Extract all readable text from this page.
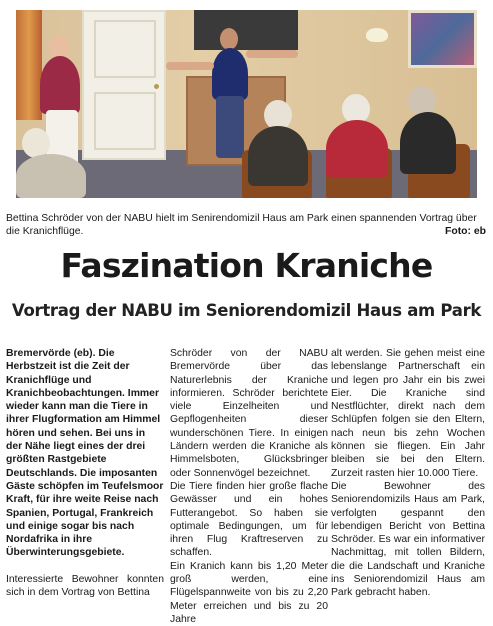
Bettina Schröder von der NABU hielt im Senirendomizil Haus am Park einen spannenden Vortrag über die Kranichflüge.	Foto: eb
Faszination Kraniche
Vortrag der NABU im Seniorendomizil Haus am Park
Bremervörde (eb). Die Herbstzeit ist die Zeit der Kranichflüge und Kranichbeobachtungen. Immer wieder kann man die Tiere in ihrer Flugformation am Himmel hören und sehen. Bei uns in der Nähe liegt eines der drei größten Rastgebiete Deutschlands. Die imposanten Gäste schöpfen im Teufelsmoor Kraft, für ihre weite Reise nach Spanien, Portugal, Frankreich und einige sogar bis nach Nordafrika in ihre Überwinterungsgebiete.
Interessierte Bewohner konnten sich in dem Vortrag von Bettina
Schröder von der NABU Bremervörde über das Naturerlebnis der Kraniche informieren. Schröder berichtete viele Einzelheiten und Gepflogenheiten dieser wunderschönen Tiere. In einigen Ländern werden die Kraniche als Himmelsboten, Glücksbringer oder Sonnenvögel bezeichnet.
Die Tiere finden hier große flache Gewässer und ein hohes Futterangebot. So haben sie optimale Bedingungen, um für ihren Flug Kraftreserven zu schaffen.
Ein Kranich kann bis 1,20 Meter groß werden, eine Flügelspannweite von bis zu 2,20 Meter erreichen und bis zu 20 Jahre
alt werden. Sie gehen meist eine lebenslange Partnerschaft ein und legen pro Jahr ein bis zwei Eier. Die Kraniche sind Nestflüchter, direkt nach dem Schlüpfen folgen sie den Eltern, nach neun bis zehn Wochen können sie fliegen. Ein Jahr bleiben sie bei den Eltern. Zurzeit rasten hier 10.000 Tiere.
Die Bewohner des Seniorendomizils Haus am Park, verfolgten gespannt den lebendigen Bericht von Bettina Schröder. Es war ein informativer Nachmittag, mit tollen Bildern, die die Landschaft und Kraniche ins Seniorendomizil Haus am Park gebracht haben.
